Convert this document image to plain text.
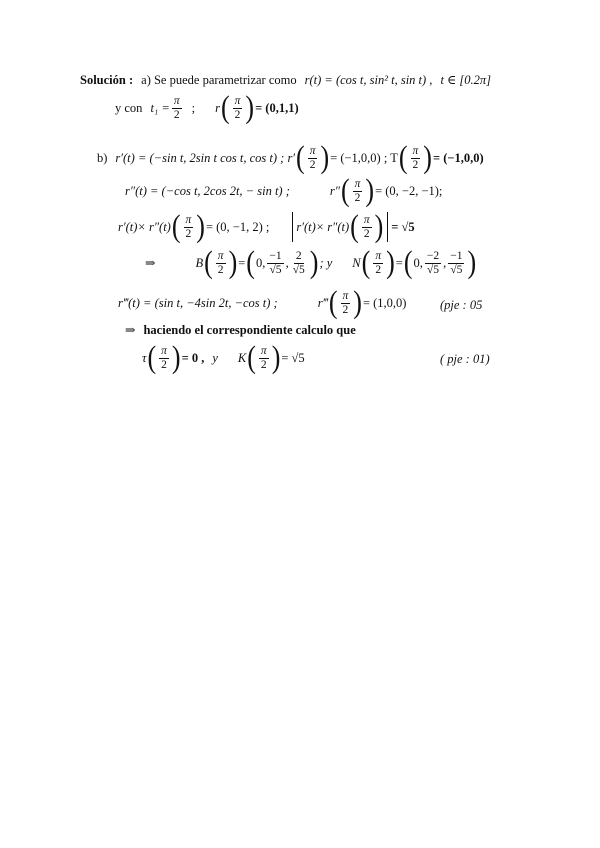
Solución : a) Se puede parametrizar como r(t) = (cos t, sin² t, sin t) , t ∈ [0.2π]
y con $t_1 = \frac{\pi}{2}$ ; r ( $\frac{\pi}{2}$ ) = (0,1,1)
b) r′(t) = (−sin t, 2sin t cos t, cos t) ; r′ ( $\frac{\pi}{2}$ ) = (−1,0,0) ; T ( $\frac{\pi}{2}$ ) = (−1,0,0)
r″(t) = (−cos t, 2cos 2t, − sin t) ;	r″ ( $\frac{\pi}{2}$ ) = (0, −2, −1);
r′(t)× r″(t) ( $\frac{\pi}{2}$ ) = (0, −1, 2) ; r′(t)× r″(t) ( $\frac{\pi}{2}$ ) = √5
⇒	B ( $\frac{\pi}{2}$ ) = ( 0, $\frac{-1}{√5}$ , $\frac{2}{√5}$ ) ; y N ( $\frac{\pi}{2}$ ) = ( 0, $\frac{-2}{√5}$ , $\frac{-1}{√5}$ )
r‴(t) = (sin t, −4sin 2t, −cos t) ;	r‴ ( $\frac{\pi}{2}$ ) = (1,0,0)	(pje : 05
⇒ haciendo el correspondiente calculo que
τ ( $\frac{\pi}{2}$ ) = 0 , y K ( $\frac{\pi}{2}$ ) = √5	( pje : 01)
